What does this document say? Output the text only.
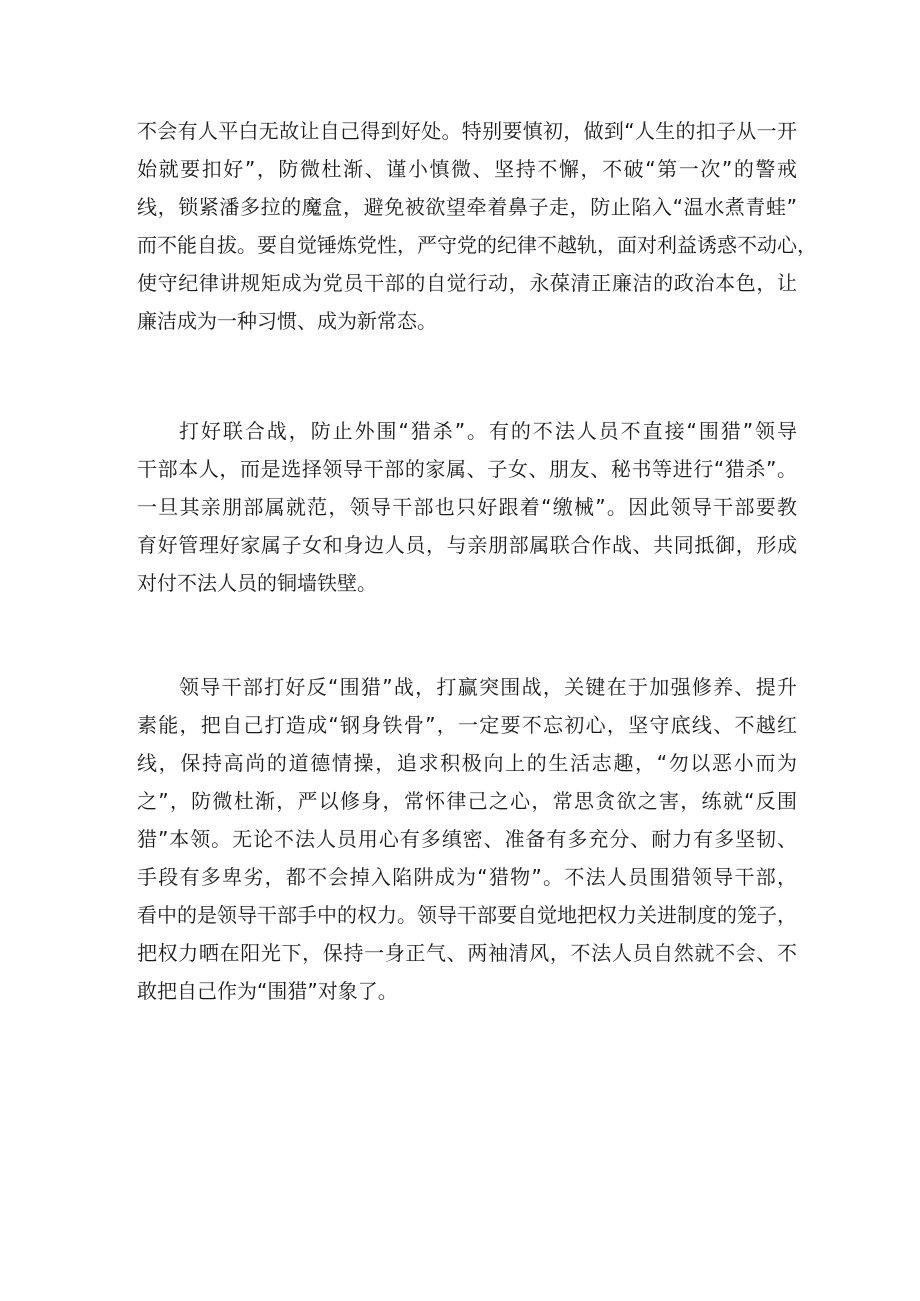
不会有人平白无故让自己得到好处。特别要慎初，做到“人生的扣子从一开
始就要扣好”，防微杜渐、谨小慎微、坚持不懈，不破“第一次”的警戒
线，锁紧潘多拉的魔盒，避免被欲望牵着鼻子走，防止陷入“温水煮青蛙”
而不能自拔。要自觉锤炼党性，严守党的纪律不越轨，面对利益诱惑不动心，
使守纪律讲规矩成为党员干部的自觉行动，永葆清正廉洁的政治本色，让
廉洁成为一种习惯、成为新常态。
打好联合战，防止外围“猎杀”。有的不法人员不直接“围猎”领导
干部本人，而是选择领导干部的家属、子女、朋友、秘书等进行“猎杀”。
一旦其亲朋部属就范，领导干部也只好跟着“缴械”。因此领导干部要教
育好管理好家属子女和身边人员，与亲朋部属联合作战、共同抵御，形成
对付不法人员的铜墙铁壁。
领导干部打好反“围猎”战，打赢突围战，关键在于加强修养、提升
素能，把自己打造成“钢身铁骨”，一定要不忘初心，坚守底线、不越红
线，保持高尚的道德情操，追求积极向上的生活志趣，“勿以恶小而为
之”，防微杜渐，严以修身，常怀律己之心，常思贪欲之害，练就“反围
猎”本领。无论不法人员用心有多缜密、准备有多充分、耐力有多坚韧、
手段有多卑劣，都不会掉入陷阱成为“猎物”。不法人员围猎领导干部，
看中的是领导干部手中的权力。领导干部要自觉地把权力关进制度的笼子，
把权力晒在阳光下，保持一身正气、两袖清风，不法人员自然就不会、不
敢把自己作为“围猎”对象了。
